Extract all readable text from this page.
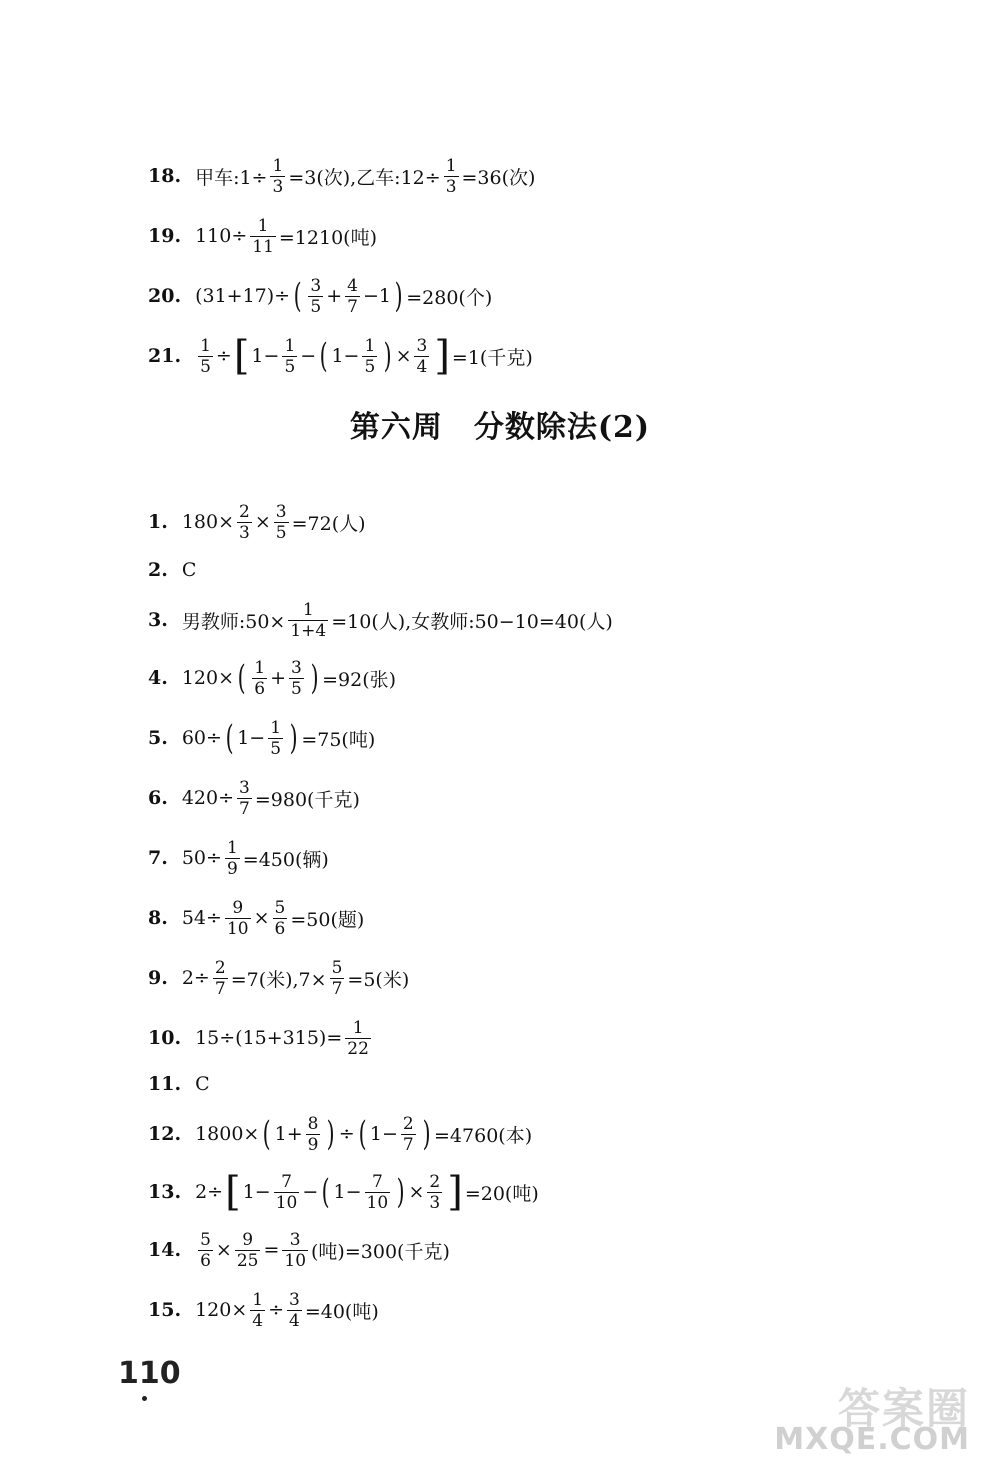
18. 甲车:1÷ $\frac{1}{3} =3$(次),乙车:12÷ $\frac{1}{3} =36$(次)
19. $110\div \frac{1}{11} =1210$(吨)
20. (31+17)÷ ( $\frac{3}{5} + \frac{4}{7} -1$ ) =280(个)
21. $\frac{1}{5}$ ÷ [ $1- \frac{1}{5}$ − ( $1- \frac{1}{5}$ ) × $\frac{3}{4}$ ] =1(千克)
第六周　分数除法(2)
1. $180\times \frac{2}{3} \times \frac{3}{5} =72$(人)
2. C
3. 男教师:50× $\frac{1}{1+4} =10$(人),女教师:50−10=40(人)
4. 120× ( $\frac{1}{6} + \frac{3}{5}$ ) =92(张)
5. 60÷ ( $1- \frac{1}{5}$ ) =75(吨)
6. $420\div \frac{3}{7} =980$(千克)
7. $50\div \frac{1}{9} =450$(辆)
8. $54\div \frac{9}{10} \times \frac{5}{6} =50$(题)
9. $2\div \frac{2}{7} =7$(米)$,7\times \frac{5}{7} =5$(米)
10. $15\div(15+315)= \frac{1}{22}$
11. C
12. 1800× ( $1+ \frac{8}{9}$ ) ÷ ( $1- \frac{2}{7}$ ) =4760(本)
13. 2÷ [ $1- \frac{7}{10}$ − ( $1- \frac{7}{10}$ ) × $\frac{2}{3}$ ] =20(吨)
14. $\frac{5}{6} \times \frac{9}{25} = \frac{3}{10}$ (吨)=300(千克)
15. $120\times \frac{1}{4} \div \frac{3}{4} =40$(吨)
110
答案圈
MXQE.COM
